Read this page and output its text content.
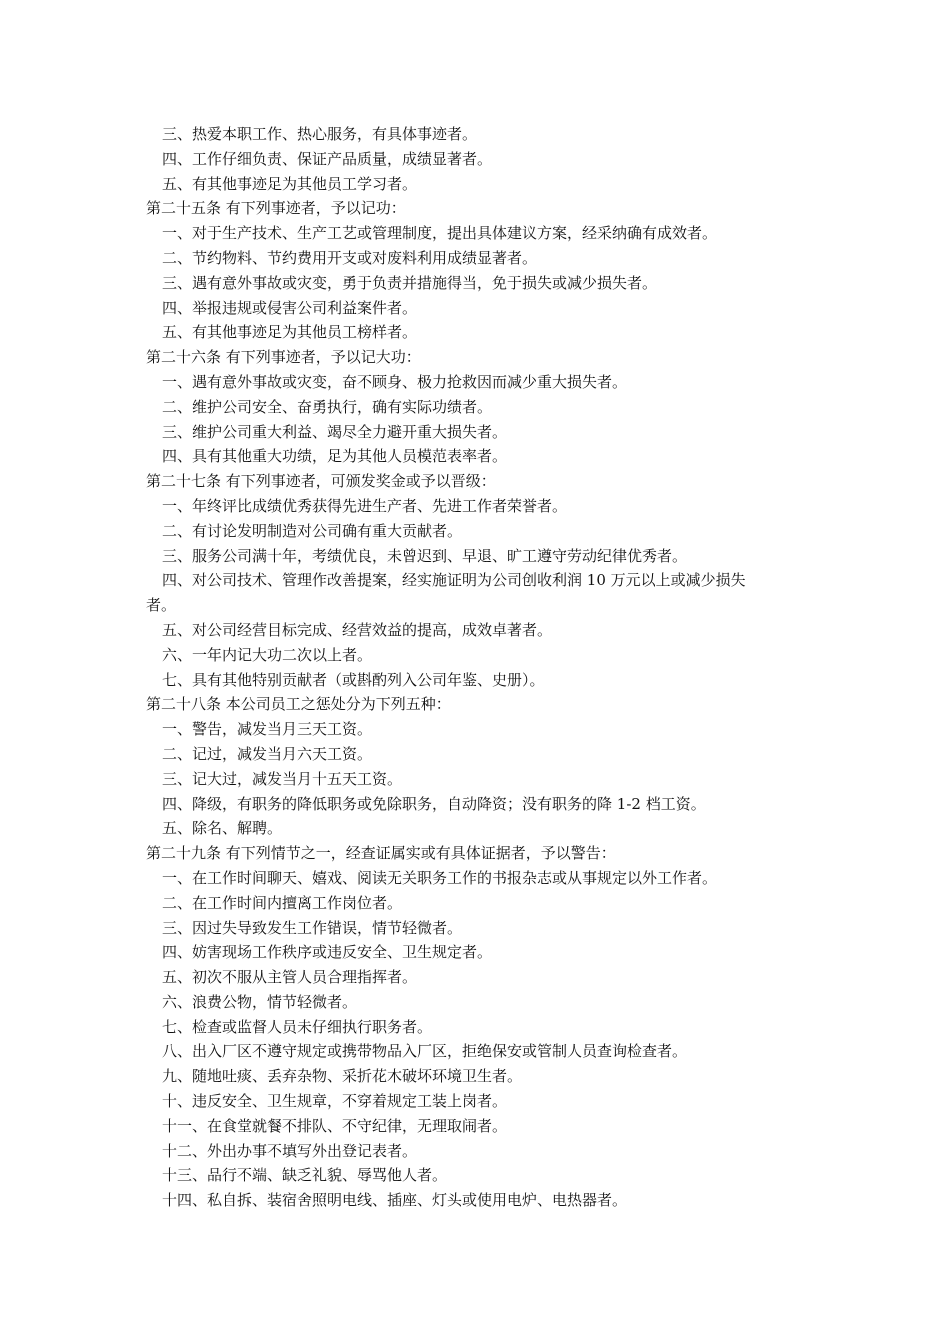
三、热爱本职工作、热心服务，有具体事迹者。

四、工作仔细负责、保证产品质量，成绩显著者。

五、有其他事迹足为其他员工学习者。

第二十五条 有下列事迹者，予以记功：

一、对于生产技术、生产工艺或管理制度，提出具体建议方案，经采纳确有成效者。

二、节约物料、节约费用开支或对废料利用成绩显著者。

三、遇有意外事故或灾变，勇于负责并措施得当，免于损失或减少损失者。

四、举报违规或侵害公司利益案件者。

五、有其他事迹足为其他员工榜样者。

第二十六条 有下列事迹者，予以记大功：

一、遇有意外事故或灾变，奋不顾身、极力抢救因而减少重大损失者。

二、维护公司安全、奋勇执行，确有实际功绩者。

三、维护公司重大利益、竭尽全力避开重大损失者。

四、具有其他重大功绩，足为其他人员模范表率者。

第二十七条 有下列事迹者，可颁发奖金或予以晋级：

一、年终评比成绩优秀获得先进生产者、先进工作者荣誉者。

二、有讨论发明制造对公司确有重大贡献者。

三、服务公司满十年，考绩优良，未曾迟到、早退、旷工遵守劳动纪律优秀者。

四、对公司技术、管理作改善提案，经实施证明为公司创收利润 10 万元以上或减少损失

者。

五、对公司经营目标完成、经营效益的提高，成效卓著者。

六、一年内记大功二次以上者。

七、具有其他特别贡献者（或斟酌列入公司年鉴、史册）。

第二十八条 本公司员工之惩处分为下列五种：

一、警告，减发当月三天工资。

二、记过，减发当月六天工资。

三、记大过，减发当月十五天工资。

四、降级，有职务的降低职务或免除职务，自动降资；没有职务的降 1-2 档工资。

五、除名、解聘。

第二十九条 有下列情节之一，经查证属实或有具体证据者，予以警告：

一、在工作时间聊天、嬉戏、阅读无关职务工作的书报杂志或从事规定以外工作者。

二、在工作时间内擅离工作岗位者。

三、因过失导致发生工作错误，情节轻微者。

四、妨害现场工作秩序或违反安全、卫生规定者。

五、初次不服从主管人员合理指挥者。

六、浪费公物，情节轻微者。

七、检查或监督人员未仔细执行职务者。

八、出入厂区不遵守规定或携带物品入厂区，拒绝保安或管制人员查询检查者。

九、随地吐痰、丢弃杂物、采折花木破坏环境卫生者。

十、违反安全、卫生规章，不穿着规定工装上岗者。

十一、在食堂就餐不排队、不守纪律，无理取闹者。

十二、外出办事不填写外出登记表者。

十三、品行不端、缺乏礼貌、辱骂他人者。

十四、私自拆、装宿舍照明电线、插座、灯头或使用电炉、电热器者。
